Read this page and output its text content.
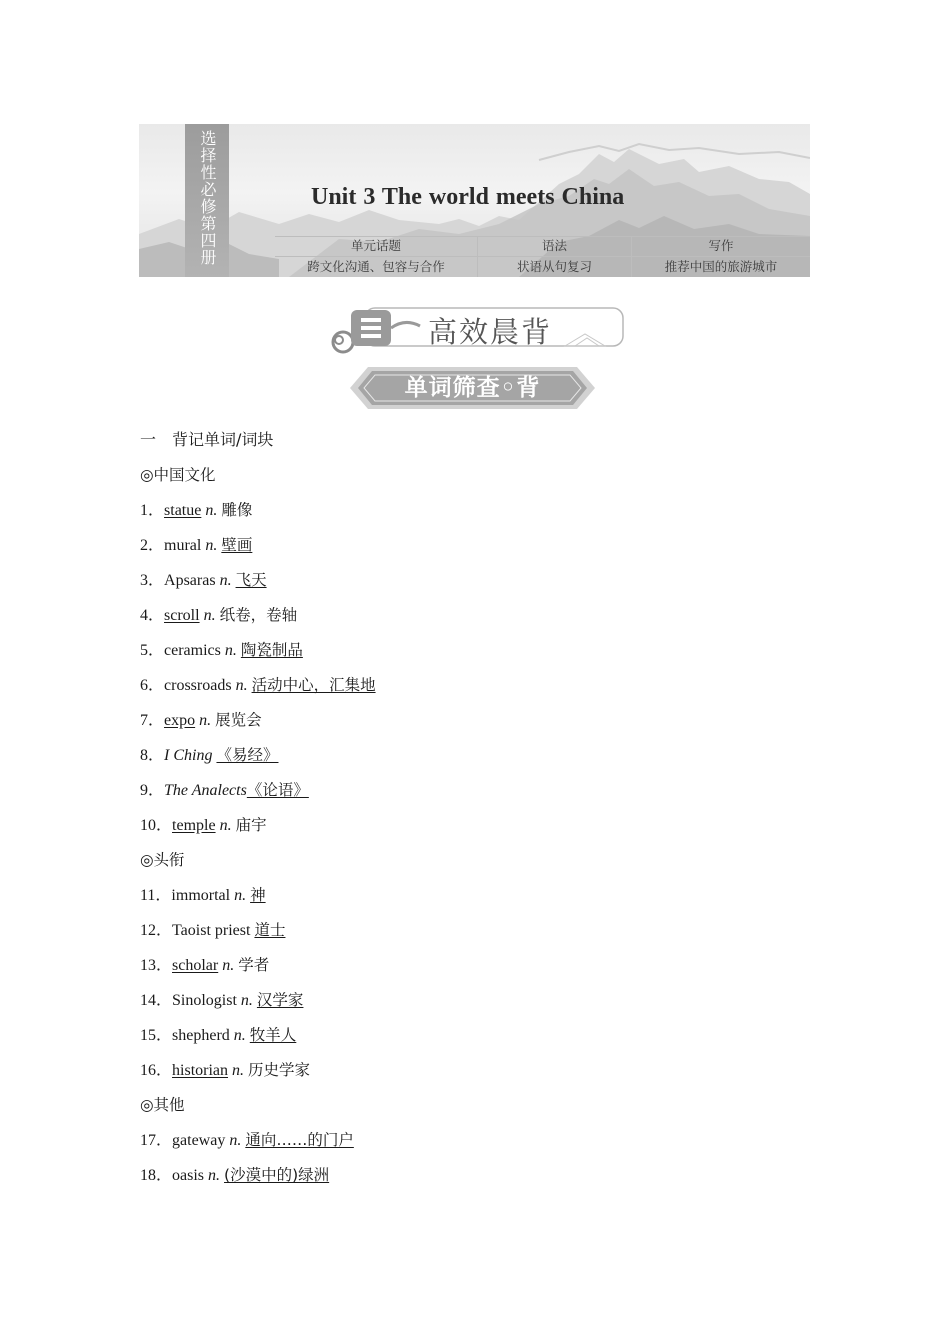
选择性必修第四册	Unit 3 The world meets China
单元话题
跨文化沟通、包容与合作
语法
状语从句复习
写作
推荐中国的旅游城市
高效晨背
单词筛查◦背
一　背记单词/词块
◎中国文化
1．statue n. 雕像
2．mural n. 壁画
3．Apsaras n. 飞天
4．scroll n. 纸卷，卷轴
5．ceramics n. 陶瓷制品
6．crossroads n. 活动中心，汇集地
7．expo n. 展览会
8．I Ching 《易经》
9．The Analects《论语》
10．temple n. 庙宇
◎头衔
11．immortal n. 神
12．Taoist priest 道士
13．scholar n. 学者
14．Sinologist n. 汉学家
15．shepherd n. 牧羊人
16．historian n. 历史学家
◎其他
17．gateway n. 通向……的门户
18．oasis n. (沙漠中的)绿洲
